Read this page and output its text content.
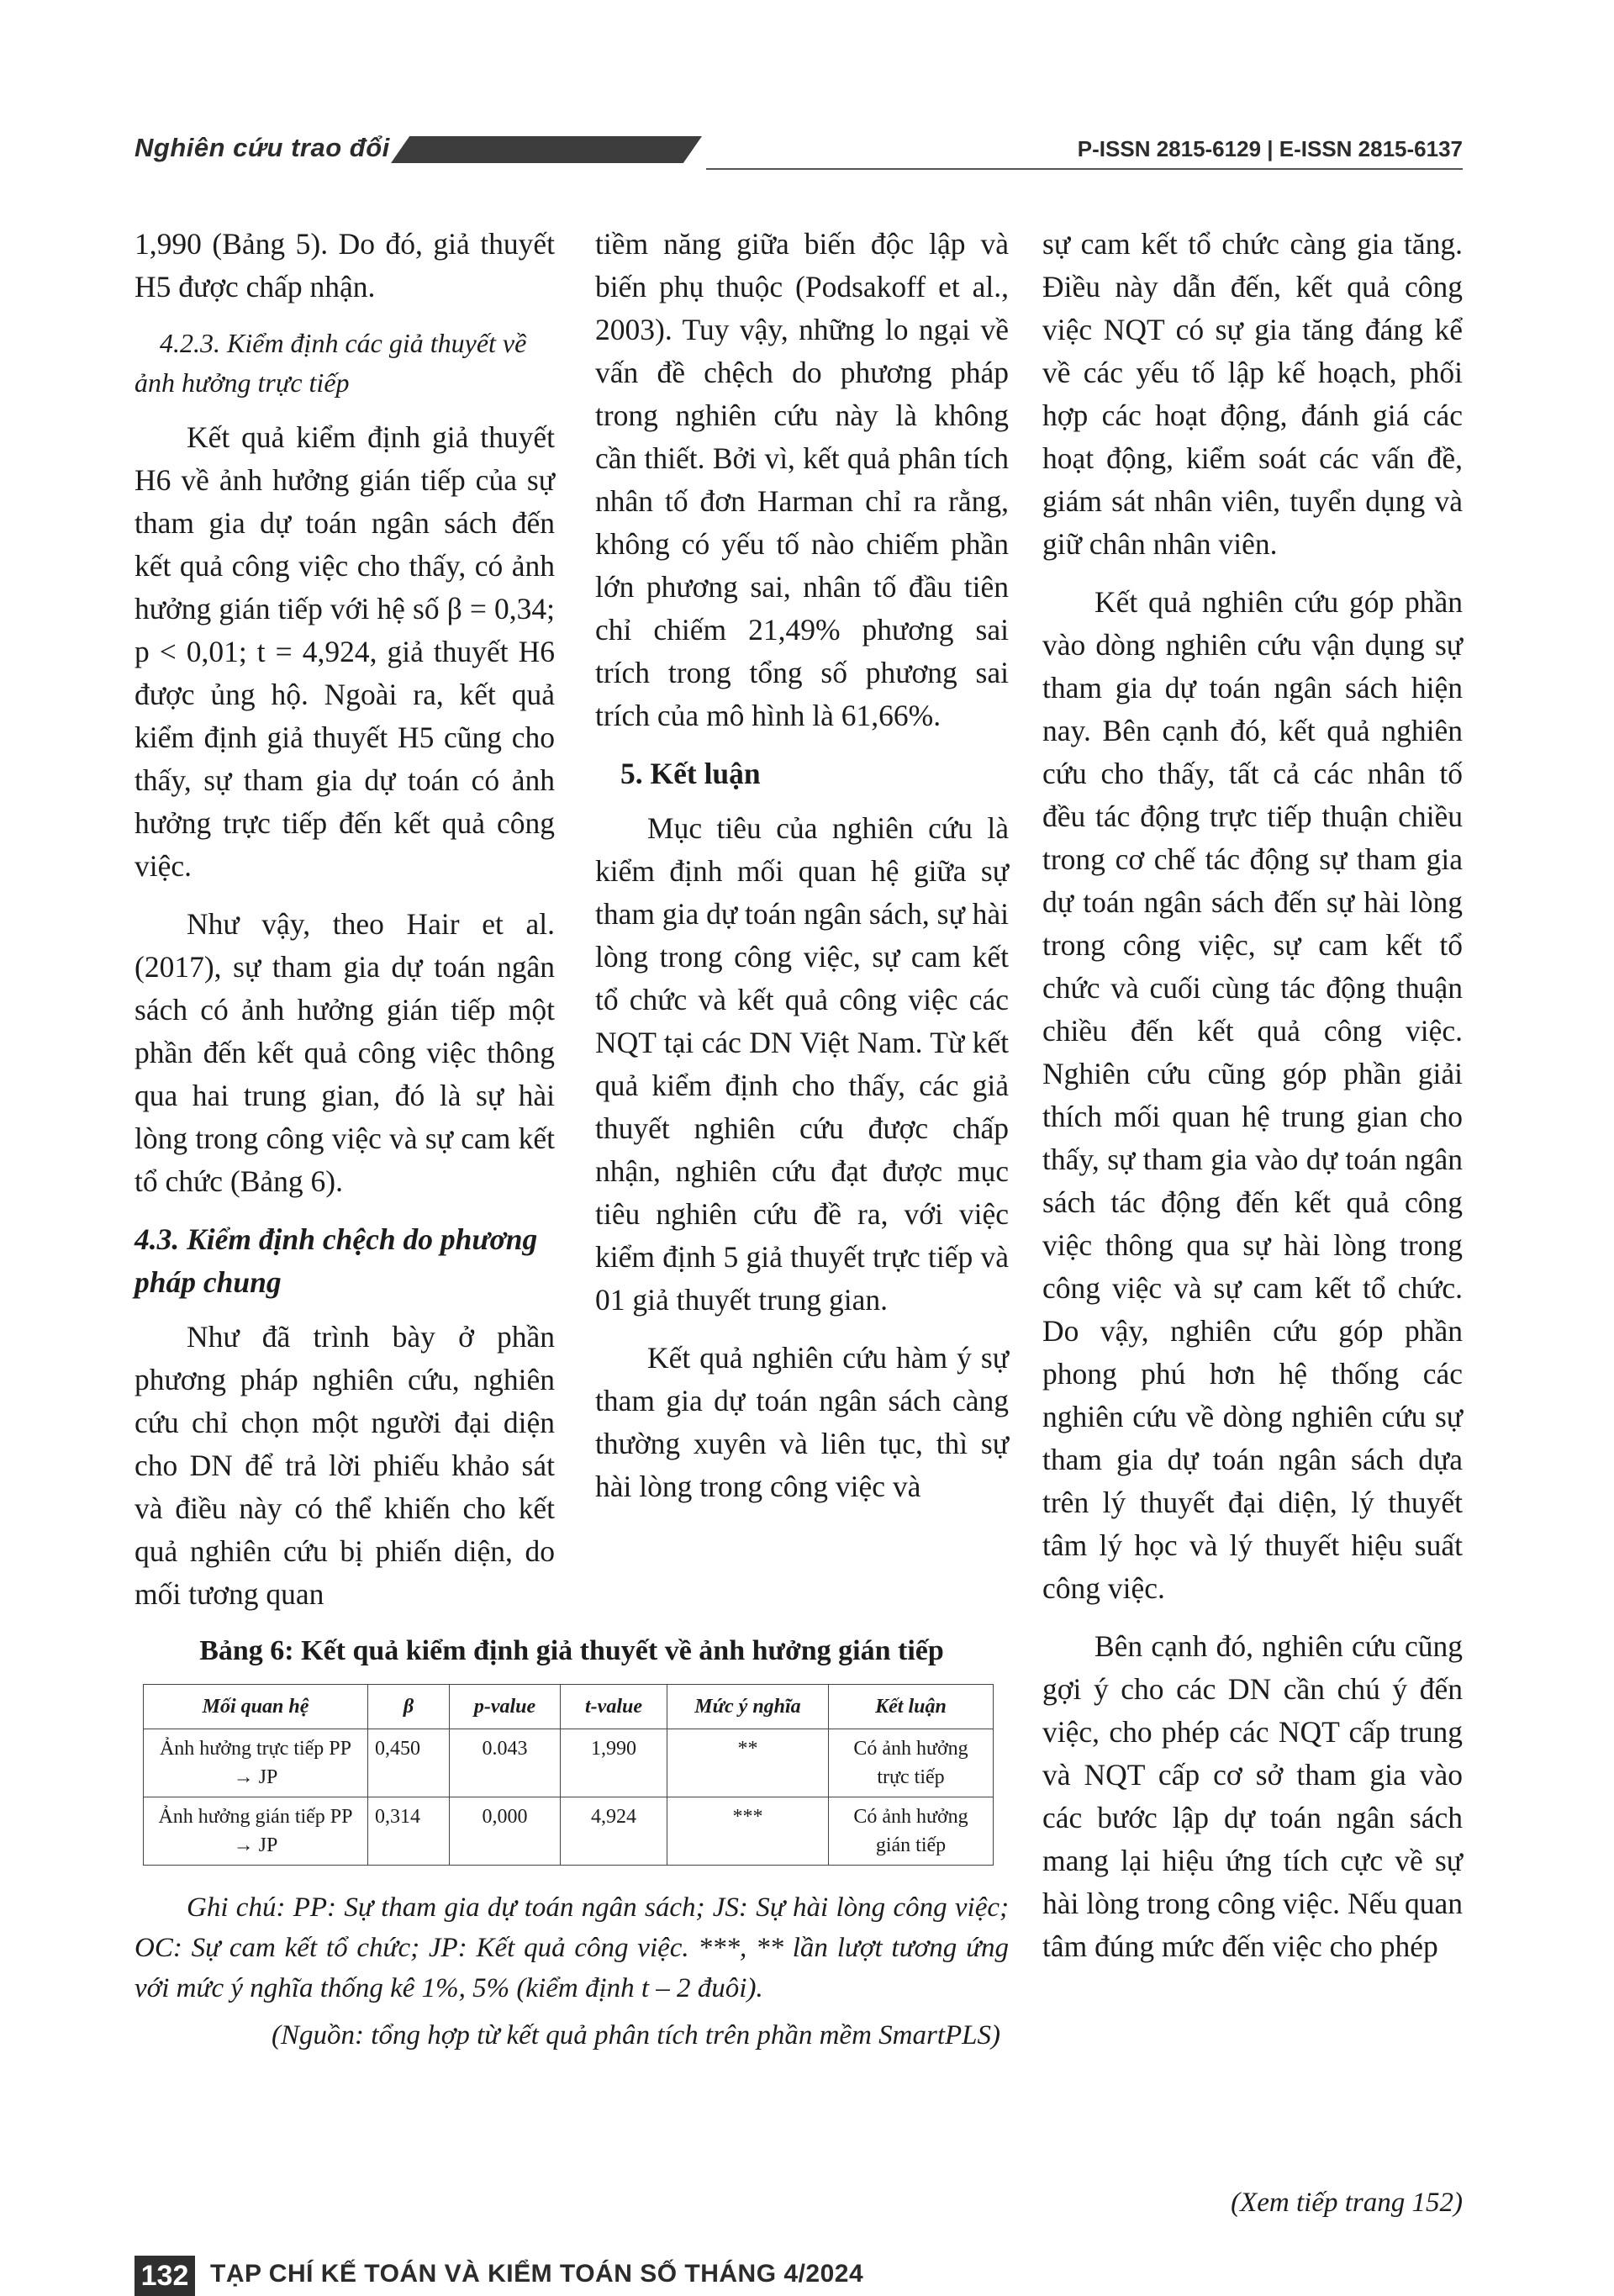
Nghiên cứu trao đổi	P-ISSN 2815-6129 | E-ISSN 2815-6137

1,990 (Bảng 5). Do đó, giả thuyết H5 được chấp nhận.

4.2.3. Kiểm định các giả thuyết về ảnh hưởng trực tiếp

Kết quả kiểm định giả thuyết H6 về ảnh hưởng gián tiếp của sự tham gia dự toán ngân sách đến kết quả công việc cho thấy, có ảnh hưởng gián tiếp với hệ số β = 0,34; p < 0,01; t = 4,924, giả thuyết H6 được ủng hộ. Ngoài ra, kết quả kiểm định giả thuyết H5 cũng cho thấy, sự tham gia dự toán có ảnh hưởng trực tiếp đến kết quả công việc.

Như vậy, theo Hair et al. (2017), sự tham gia dự toán ngân sách có ảnh hưởng gián tiếp một phần đến kết quả công việc thông qua hai trung gian, đó là sự hài lòng trong công việc và sự cam kết tổ chức (Bảng 6).

4.3. Kiểm định chệch do phương pháp chung

Như đã trình bày ở phần phương pháp nghiên cứu, nghiên cứu chỉ chọn một người đại diện cho DN để trả lời phiếu khảo sát và điều này có thể khiến cho kết quả nghiên cứu bị phiến diện, do mối tương quan

tiềm năng giữa biến độc lập và biến phụ thuộc (Podsakoff et al., 2003). Tuy vậy, những lo ngại về vấn đề chệch do phương pháp trong nghiên cứu này là không cần thiết. Bởi vì, kết quả phân tích nhân tố đơn Harman chỉ ra rằng, không có yếu tố nào chiếm phần lớn phương sai, nhân tố đầu tiên chỉ chiếm 21,49% phương sai trích trong tổng số phương sai trích của mô hình là 61,66%.

5. Kết luận

Mục tiêu của nghiên cứu là kiểm định mối quan hệ giữa sự tham gia dự toán ngân sách, sự hài lòng trong công việc, sự cam kết tổ chức và kết quả công việc các NQT tại các DN Việt Nam. Từ kết quả kiểm định cho thấy, các giả thuyết nghiên cứu được chấp nhận, nghiên cứu đạt được mục tiêu nghiên cứu đề ra, với việc kiểm định 5 giả thuyết trực tiếp và 01 giả thuyết trung gian.

Kết quả nghiên cứu hàm ý sự tham gia dự toán ngân sách càng thường xuyên và liên tục, thì sự hài lòng trong công việc và

sự cam kết tổ chức càng gia tăng. Điều này dẫn đến, kết quả công việc NQT có sự gia tăng đáng kể về các yếu tố lập kế hoạch, phối hợp các hoạt động, đánh giá các hoạt động, kiểm soát các vấn đề, giám sát nhân viên, tuyển dụng và giữ chân nhân viên.

Kết quả nghiên cứu góp phần vào dòng nghiên cứu vận dụng sự tham gia dự toán ngân sách hiện nay. Bên cạnh đó, kết quả nghiên cứu cho thấy, tất cả các nhân tố đều tác động trực tiếp thuận chiều trong cơ chế tác động sự tham gia dự toán ngân sách đến sự hài lòng trong công việc, sự cam kết tổ chức và cuối cùng tác động thuận chiều đến kết quả công việc. Nghiên cứu cũng góp phần giải thích mối quan hệ trung gian cho thấy, sự tham gia vào dự toán ngân sách tác động đến kết quả công việc thông qua sự hài lòng trong công việc và sự cam kết tổ chức. Do vậy, nghiên cứu góp phần phong phú hơn hệ thống các nghiên cứu về dòng nghiên cứu sự tham gia dự toán ngân sách dựa trên lý thuyết đại diện, lý thuyết tâm lý học và lý thuyết hiệu suất công việc.

Bên cạnh đó, nghiên cứu cũng gợi ý cho các DN cần chú ý đến việc, cho phép các NQT cấp trung và NQT cấp cơ sở tham gia vào các bước lập dự toán ngân sách mang lại hiệu ứng tích cực về sự hài lòng trong công việc. Nếu quan tâm đúng mức đến việc cho phép

(Xem tiếp trang 152)
Bảng 6: Kết quả kiểm định giả thuyết về ảnh hưởng gián tiếp
Mối quan hệ	β	p-value	t-value	Mức ý nghĩa	Kết luận
Ảnh hưởng trực tiếp PP → JP	0,450	0.043	1,990	**	Có ảnh hưởng trực tiếp
Ảnh hưởng gián tiếp PP → JP	0,314	0,000	4,924	***	Có ảnh hưởng gián tiếp
Ghi chú: PP: Sự tham gia dự toán ngân sách; JS: Sự hài lòng công việc; OC: Sự cam kết tổ chức; JP: Kết quả công việc. ***, ** lần lượt tương ứng với mức ý nghĩa thống kê 1%, 5% (kiểm định t – 2 đuôi).
(Nguồn: tổng hợp từ kết quả phân tích trên phần mềm SmartPLS)
132 TẠP CHÍ KẾ TOÁN VÀ KIỂM TOÁN SỐ THÁNG 4/2024
